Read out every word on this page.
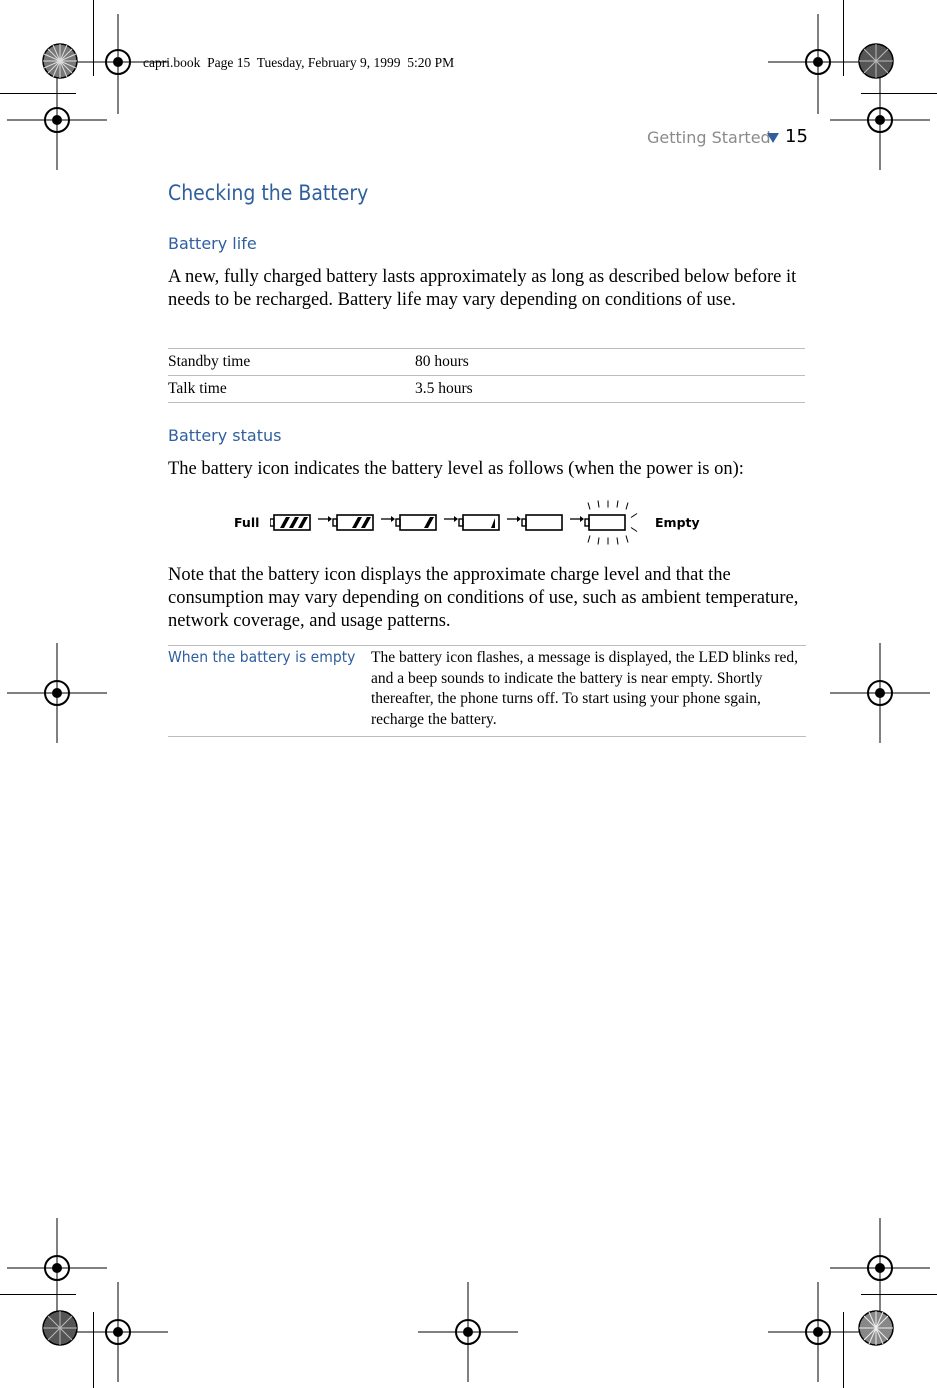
capri.book  Page 15  Tuesday, February 9, 1999  5:20 PM
Getting Started 15
Checking the Battery
Battery life
A new, fully charged battery lasts approximately as long as described below before it needs to be recharged. Battery life may vary depending on conditions of use.
Standby time	80 hours
Talk time	3.5 hours
Battery status
The battery icon indicates the battery level as follows (when the power is on):
Full	Empty
Note that the battery icon displays the approximate charge level and that the consumption may vary depending on conditions of use, such as ambient temperature, network coverage, and usage patterns.
When the battery is empty The battery icon flashes, a message is displayed, the LED blinks red, and a beep sounds to indicate the battery is near empty. Shortly thereafter, the phone turns off. To start using your phone sgain, recharge the battery.
